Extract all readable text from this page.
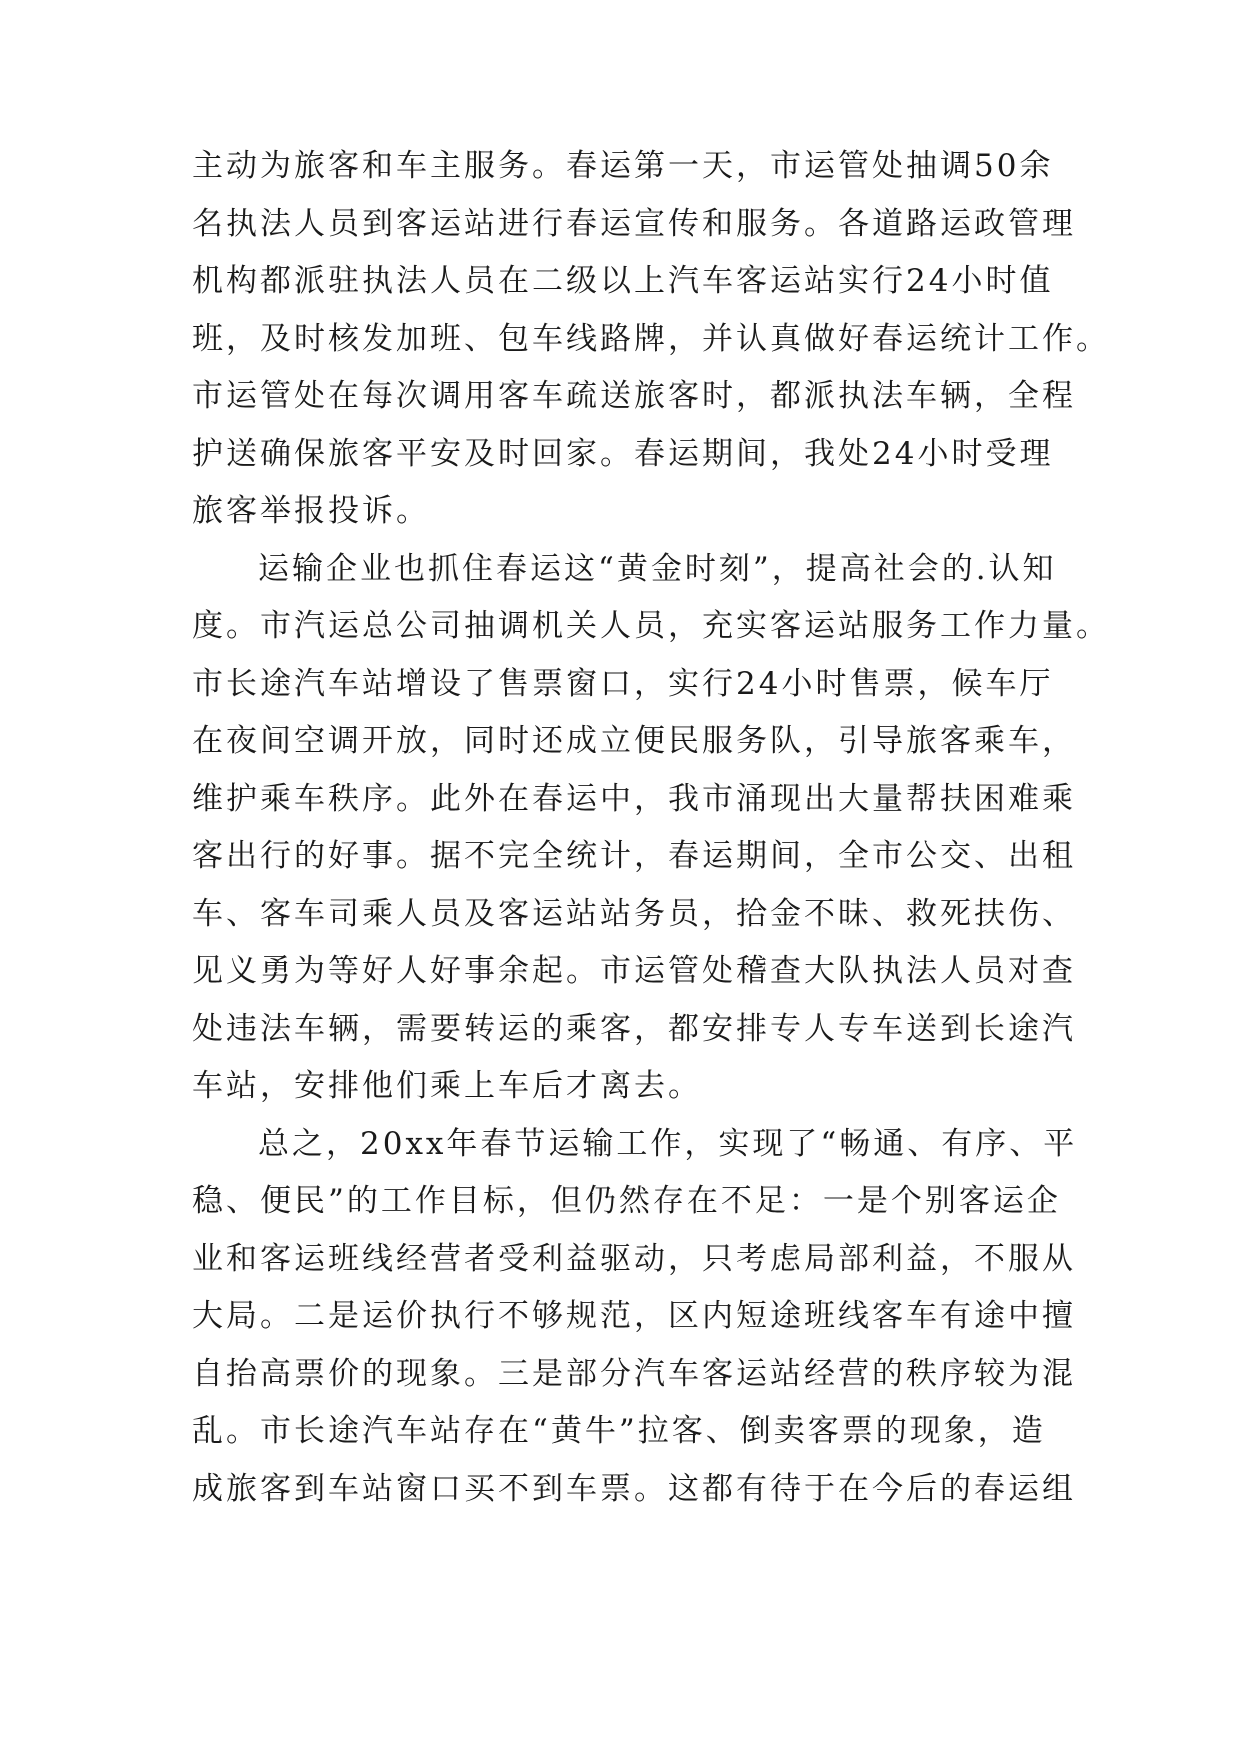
主动为旅客和车主服务。春运第一天，市运管处抽调50余
名执法人员到客运站进行春运宣传和服务。各道路运政管理
机构都派驻执法人员在二级以上汽车客运站实行24小时值
班，及时核发加班、包车线路牌，并认真做好春运统计工作。
市运管处在每次调用客车疏送旅客时，都派执法车辆，全程
护送确保旅客平安及时回家。春运期间，我处24小时受理
旅客举报投诉。
运输企业也抓住春运这“黄金时刻”，提高社会的.认知
度。市汽运总公司抽调机关人员，充实客运站服务工作力量。
市长途汽车站增设了售票窗口，实行24小时售票，候车厅
在夜间空调开放，同时还成立便民服务队，引导旅客乘车，
维护乘车秩序。此外在春运中，我市涌现出大量帮扶困难乘
客出行的好事。据不完全统计，春运期间，全市公交、出租
车、客车司乘人员及客运站站务员，拾金不昧、救死扶伤、
见义勇为等好人好事余起。市运管处稽查大队执法人员对查
处违法车辆，需要转运的乘客，都安排专人专车送到长途汽
车站，安排他们乘上车后才离去。
总之，20xx年春节运输工作，实现了“畅通、有序、平
稳、便民”的工作目标，但仍然存在不足：一是个别客运企
业和客运班线经营者受利益驱动，只考虑局部利益，不服从
大局。二是运价执行不够规范，区内短途班线客车有途中擅
自抬高票价的现象。三是部分汽车客运站经营的秩序较为混
乱。市长途汽车站存在“黄牛”拉客、倒卖客票的现象，造
成旅客到车站窗口买不到车票。这都有待于在今后的春运组
